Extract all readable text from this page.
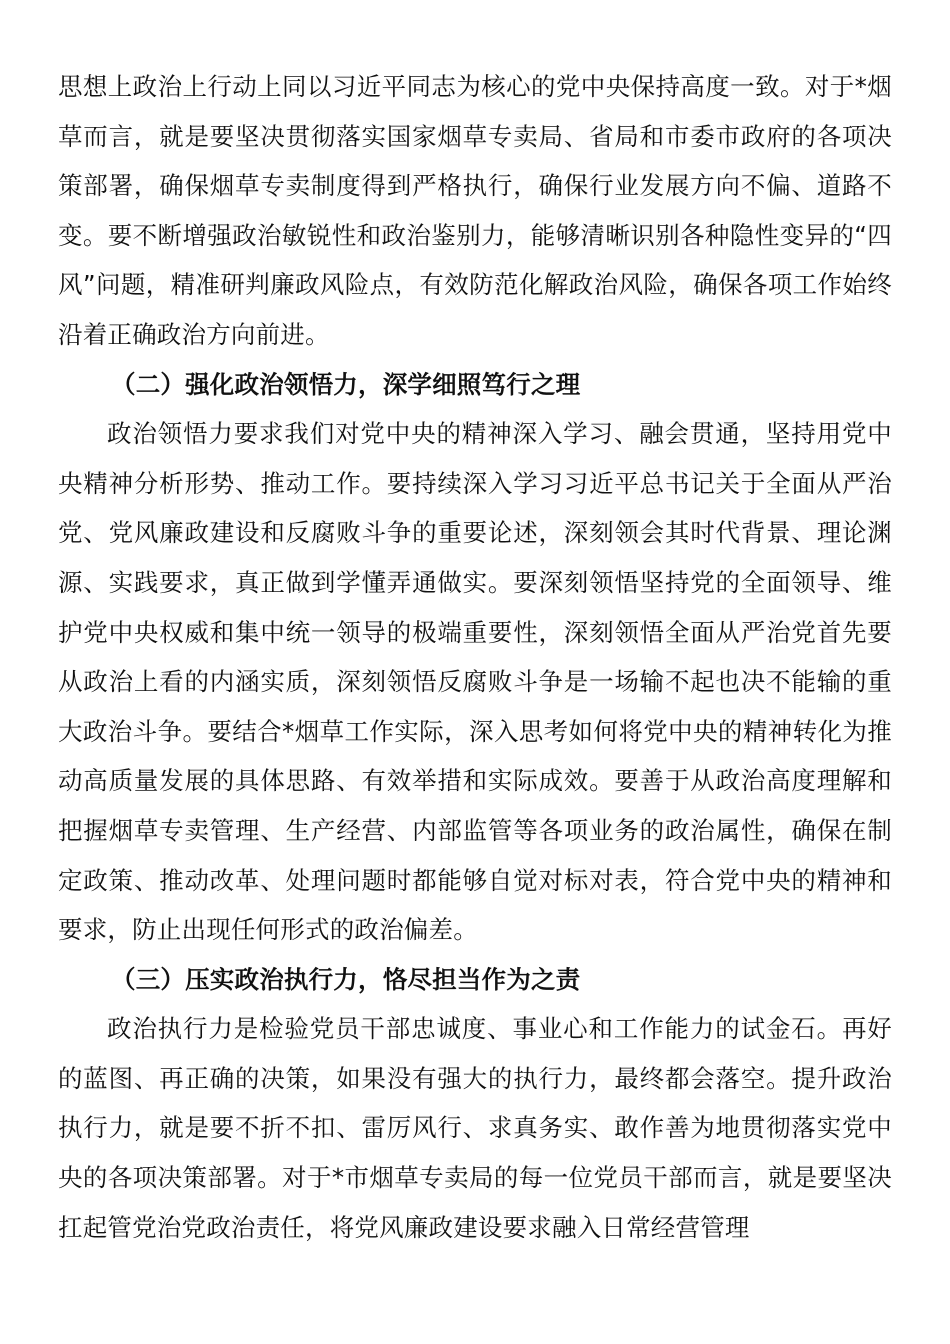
思想上政治上行动上同以习近平同志为核心的党中央保持高度一致。对于*烟草而言，就是要坚决贯彻落实国家烟草专卖局、省局和市委市政府的各项决策部署，确保烟草专卖制度得到严格执行，确保行业发展方向不偏、道路不变。要不断增强政治敏锐性和政治鉴别力，能够清晰识别各种隐性变异的“四风”问题，精准研判廉政风险点，有效防范化解政治风险，确保各项工作始终沿着正确政治方向前进。

（二）强化政治领悟力，深学细照笃行之理

政治领悟力要求我们对党中央的精神深入学习、融会贯通，坚持用党中央精神分析形势、推动工作。要持续深入学习习近平总书记关于全面从严治党、党风廉政建设和反腐败斗争的重要论述，深刻领会其时代背景、理论渊源、实践要求，真正做到学懂弄通做实。要深刻领悟坚持党的全面领导、维护党中央权威和集中统一领导的极端重要性，深刻领悟全面从严治党首先要从政治上看的内涵实质，深刻领悟反腐败斗争是一场输不起也决不能输的重大政治斗争。要结合*烟草工作实际，深入思考如何将党中央的精神转化为推动高质量发展的具体思路、有效举措和实际成效。要善于从政治高度理解和把握烟草专卖管理、生产经营、内部监管等各项业务的政治属性，确保在制定政策、推动改革、处理问题时都能够自觉对标对表，符合党中央的精神和要求，防止出现任何形式的政治偏差。

（三）压实政治执行力，恪尽担当作为之责

政治执行力是检验党员干部忠诚度、事业心和工作能力的试金石。再好的蓝图、再正确的决策，如果没有强大的执行力，最终都会落空。提升政治执行力，就是要不折不扣、雷厉风行、求真务实、敢作善为地贯彻落实党中央的各项决策部署。对于*市烟草专卖局的每一位党员干部而言，就是要坚决扛起管党治党政治责任，将党风廉政建设要求融入日常经营管理
